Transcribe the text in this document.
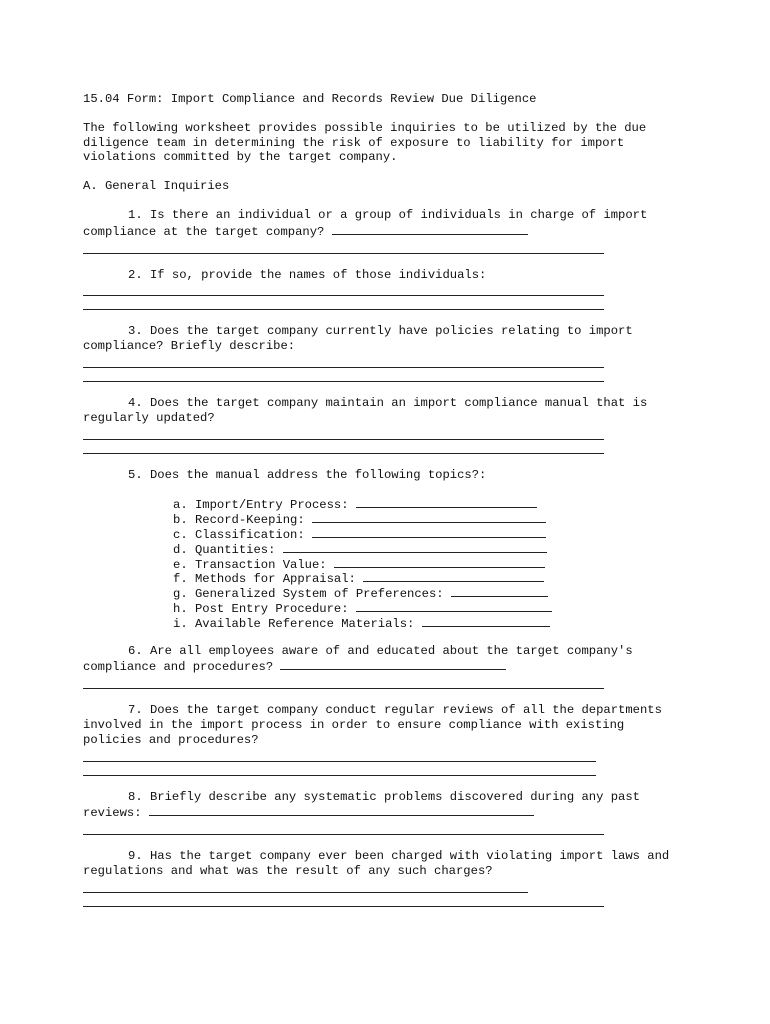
15.04 Form: Import Compliance and Records Review Due Diligence
The following worksheet provides possible inquiries to be utilized by the due
diligence team in determining the risk of exposure to liability for import
violations committed by the target company.
A. General Inquiries
1. Is there an individual or a group of individuals in charge of import
compliance at the target company?
2. If so, provide the names of those individuals:
3. Does the target company currently have policies relating to import
compliance? Briefly describe:
4. Does the target company maintain an import compliance manual that is
regularly updated?
5. Does the manual address the following topics?:
a. Import/Entry Process:
b. Record-Keeping:
c. Classification:
d. Quantities:
e. Transaction Value:
f. Methods for Appraisal:
g. Generalized System of Preferences:
h. Post Entry Procedure:
i. Available Reference Materials:
6. Are all employees aware of and educated about the target company's
compliance and procedures?
7. Does the target company conduct regular reviews of all the departments
involved in the import process in order to ensure compliance with existing
policies and procedures?
8. Briefly describe any systematic problems discovered during any past
reviews:
9. Has the target company ever been charged with violating import laws and
regulations and what was the result of any such charges?
